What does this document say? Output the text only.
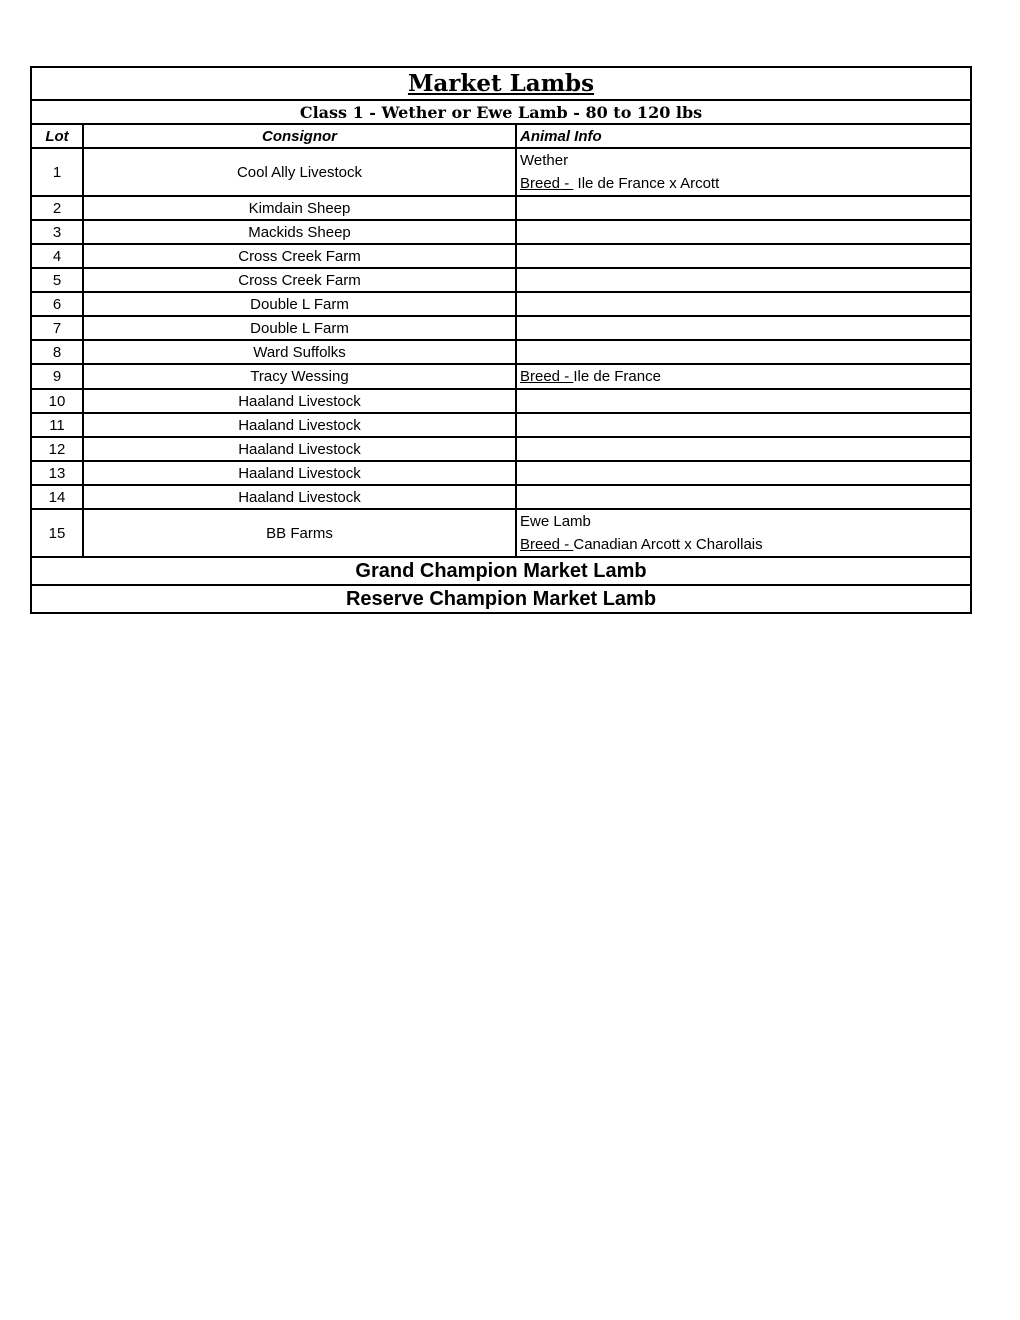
Market Lambs		
Class 1 - Wether or Ewe Lamb - 80 to 120 lbs		
Lot	Consignor	Animal Info
1	Cool Ally Livestock	Wether
Breed -  Ile de France x Arcott

2	Kimdain Sheep	
3	Mackids Sheep	
4	Cross Creek Farm	
5	Cross Creek Farm	
6	Double L Farm	
7	Double L Farm	
8	Ward Suffolks	
9	Tracy Wessing	Breed - Ile de France

10	Haaland Livestock	
11	Haaland Livestock	
12	Haaland Livestock	
13	Haaland Livestock	
14	Haaland Livestock	
15	BB Farms	Ewe Lamb
Breed - Canadian Arcott x Charollais

Grand Champion Market Lamb		
Reserve Champion Market Lamb		
